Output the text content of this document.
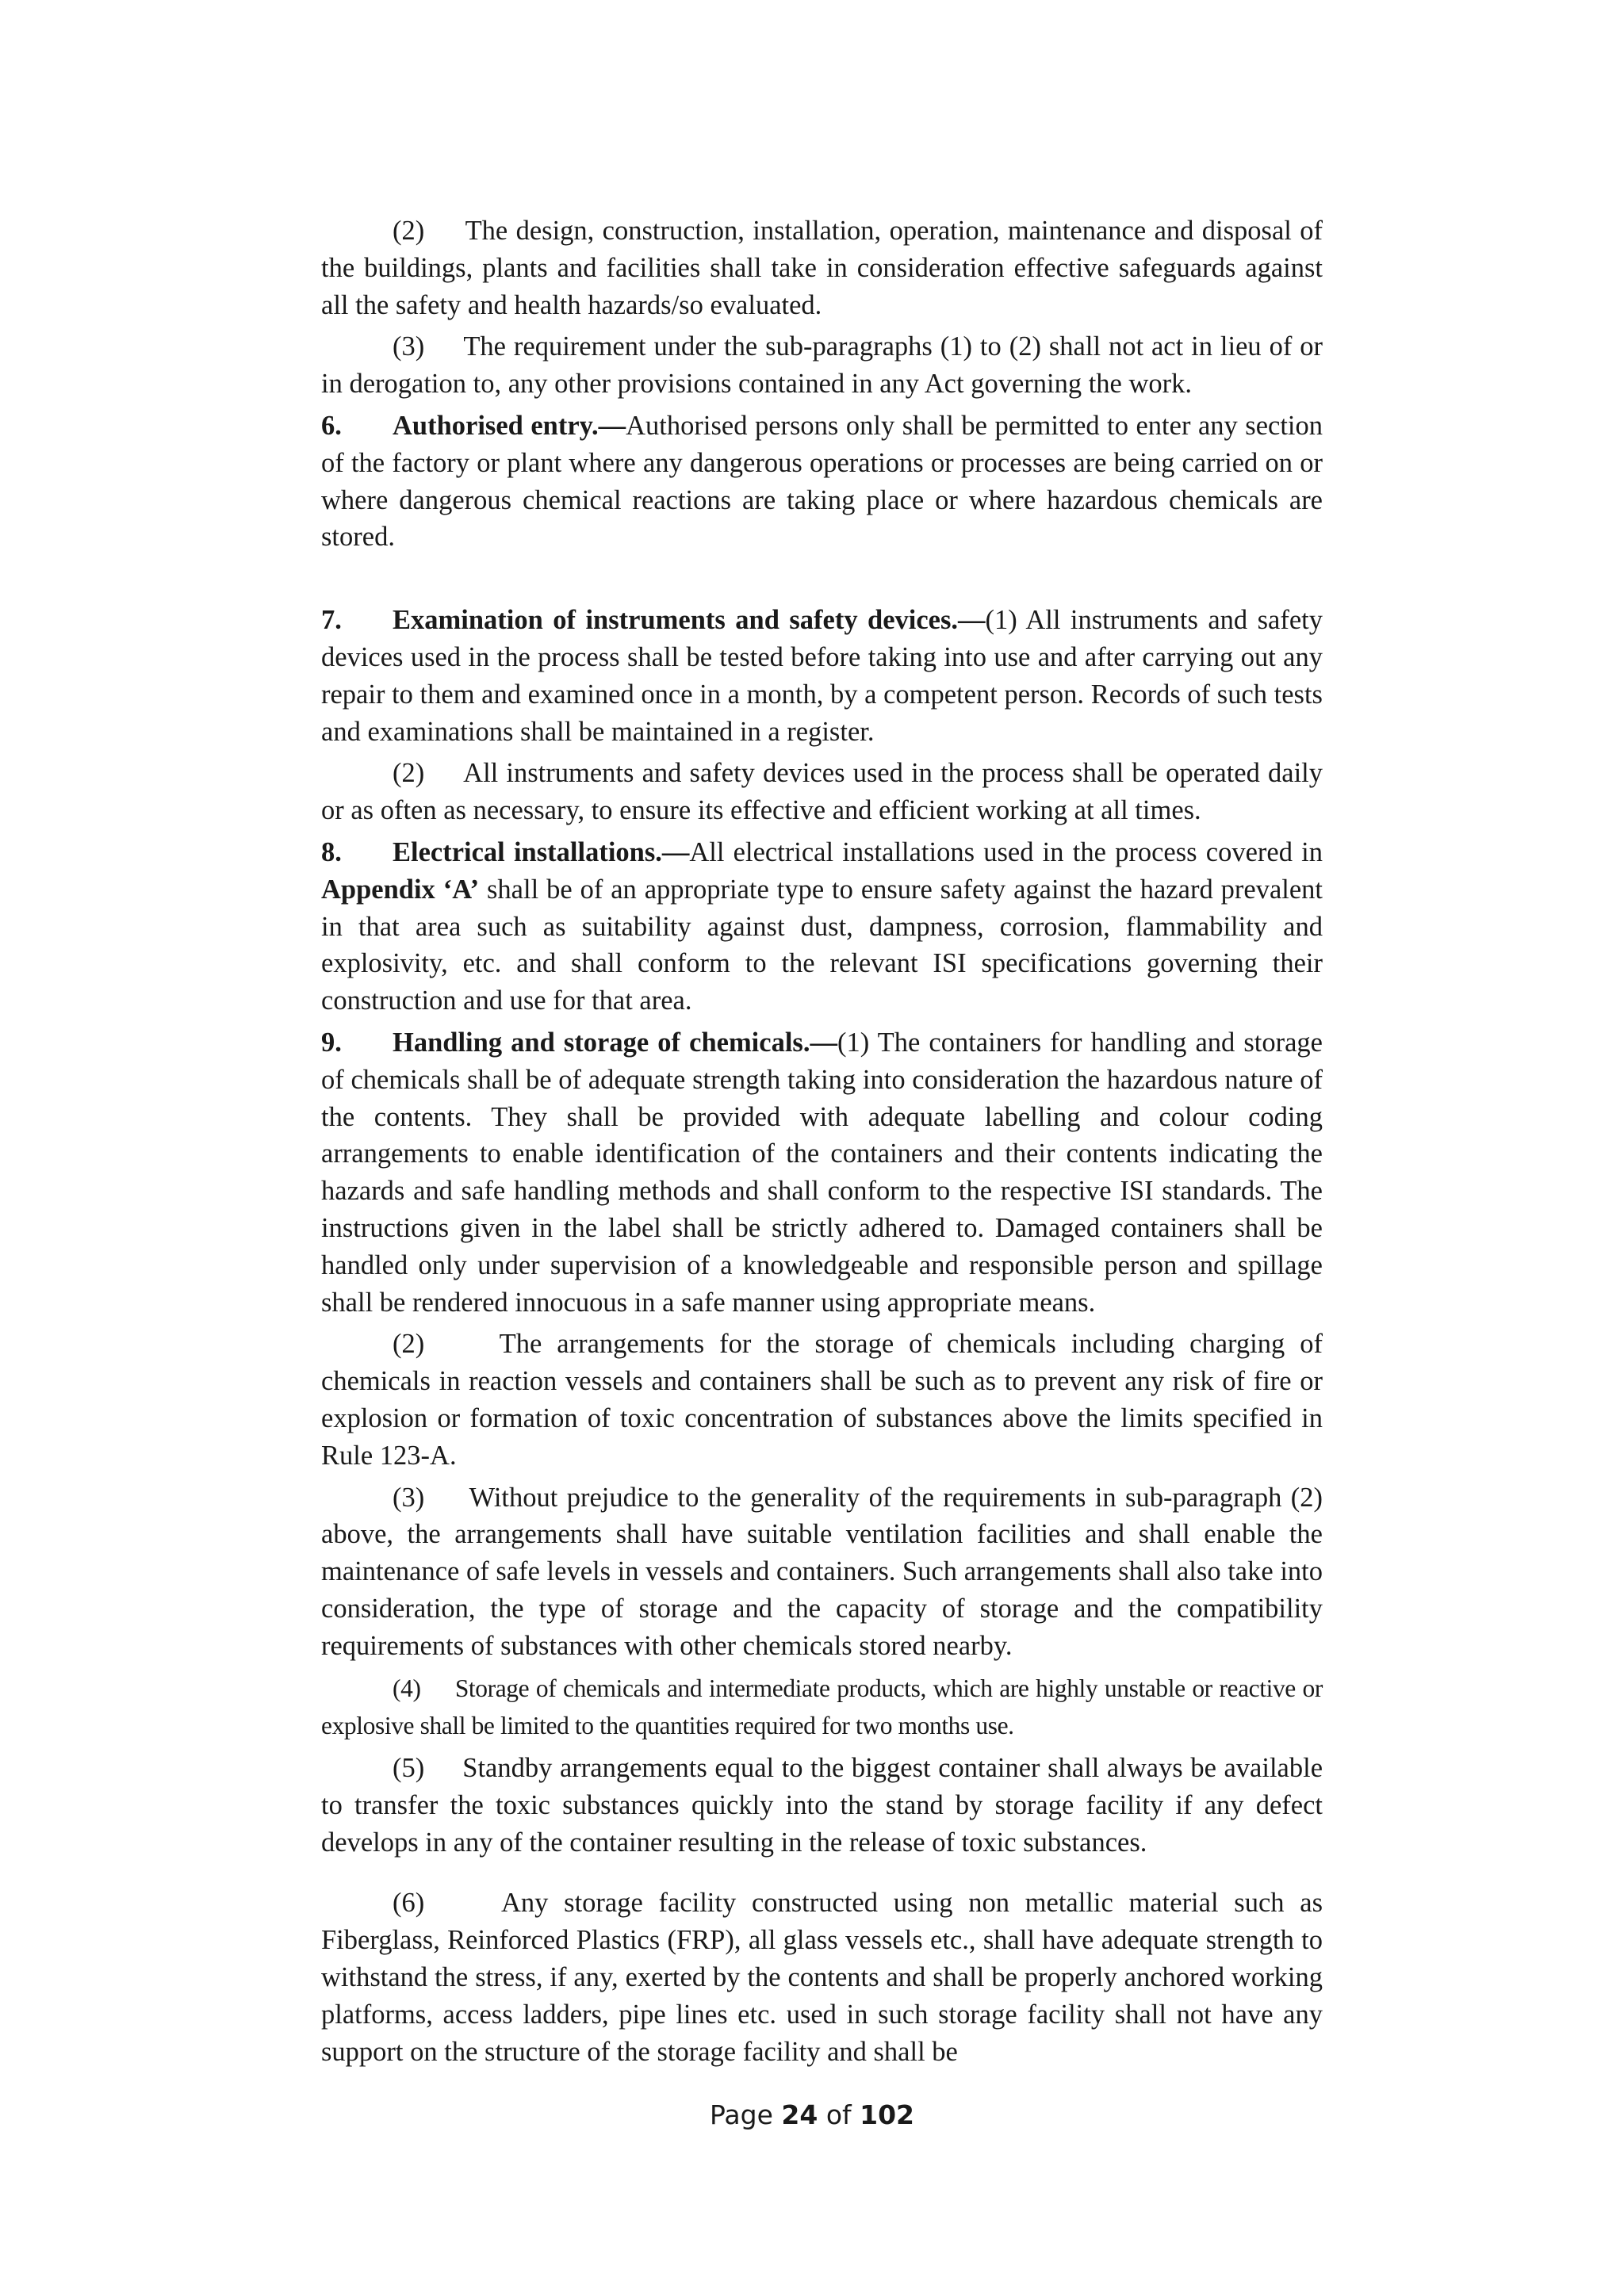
(2) The design, construction, installation, operation, maintenance and disposal of the buildings, plants and facilities shall take in consideration effective safeguards against all the safety and health hazards/so evaluated.

(3) The requirement under the sub-paragraphs (1) to (2) shall not act in lieu of or in derogation to, any other provisions contained in any Act governing the work.

6. Authorised entry.—Authorised persons only shall be permitted to enter any section of the factory or plant where any dangerous operations or processes are being carried on or where dangerous chemical reactions are taking place or where hazardous chemicals are stored.

7. Examination of instruments and safety devices.—(1) All instruments and safety devices used in the process shall be tested before taking into use and after carrying out any repair to them and examined once in a month, by a competent person. Records of such tests and examinations shall be maintained in a register.

(2) All instruments and safety devices used in the process shall be operated daily or as often as necessary, to ensure its effective and efficient working at all times.

8. Electrical installations.—All electrical installations used in the process covered in Appendix ‘A’ shall be of an appropriate type to ensure safety against the hazard prevalent in that area such as suitability against dust, dampness, corrosion, flammability and explosivity, etc. and shall conform to the relevant ISI specifications governing their construction and use for that area.

9. Handling and storage of chemicals.—(1) The containers for handling and storage of chemicals shall be of adequate strength taking into consideration the hazardous nature of the contents. They shall be provided with adequate labelling and colour coding arrangements to enable identification of the containers and their contents indicating the hazards and safe handling methods and shall conform to the respective ISI standards. The instructions given in the label shall be strictly adhered to. Damaged containers shall be handled only under supervision of a knowledgeable and responsible person and spillage shall be rendered innocuous in a safe manner using appropriate means.

(2)	The arrangements for the storage of chemicals including charging of chemicals in reaction vessels and containers shall be such as to prevent any risk of fire or explosion or formation of toxic concentration of substances above the limits specified in Rule 123-A.

(3) Without prejudice to the generality of the requirements in sub-paragraph (2) above, the arrangements shall have suitable ventilation facilities and shall enable the maintenance of safe levels in vessels and containers. Such arrangements shall also take into consideration, the type of storage and the capacity of storage and the compatibility requirements of substances with other chemicals stored nearby.

(4) Storage of chemicals and intermediate products, which are highly unstable or reactive or explosive shall be limited to the quantities required for two months use.

(5) Standby arrangements equal to the biggest container shall always be available to transfer the toxic substances quickly into the stand by storage facility if any defect develops in any of the container resulting in the release of toxic substances.

(6)	Any storage facility constructed using non metallic material such as Fiberglass, Reinforced Plastics (FRP), all glass vessels etc., shall have adequate strength to withstand the stress, if any, exerted by the contents and shall be properly anchored working platforms, access ladders, pipe lines etc. used in such storage facility shall not have any support on the structure of the storage facility and shall be

Page 24 of 102
